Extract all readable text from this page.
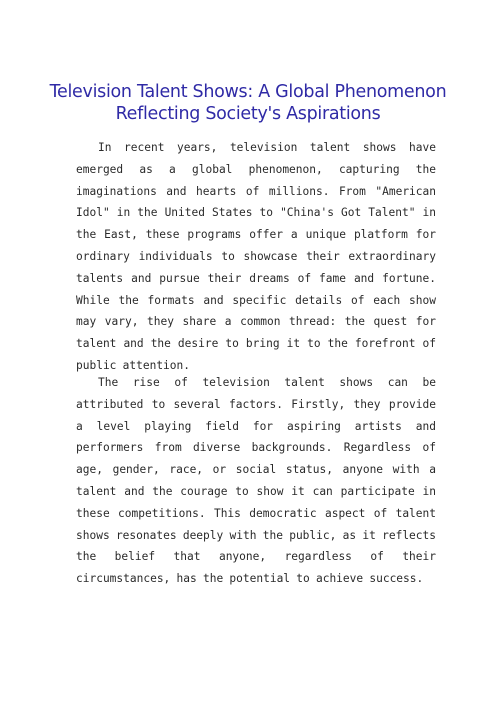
Television Talent Shows: A Global Phenomenon Reflecting Society's Aspirations

In recent years, television talent shows have emerged as a global phenomenon, capturing the imaginations and hearts of millions. From "American Idol" in the United States to "China's Got Talent" in the East, these programs offer a unique platform for ordinary individuals to showcase their extraordinary talents and pursue their dreams of fame and fortune. While the formats and specific details of each show may vary, they share a common thread: the quest for talent and the desire to bring it to the forefront of public attention.

The rise of television talent shows can be attributed to several factors. Firstly, they provide a level playing field for aspiring artists and performers from diverse backgrounds. Regardless of age, gender, race, or social status, anyone with a talent and the courage to show it can participate in these competitions. This democratic aspect of talent shows resonates deeply with the public, as it reflects the belief that anyone, regardless of their circumstances, has the potential to achieve success.
